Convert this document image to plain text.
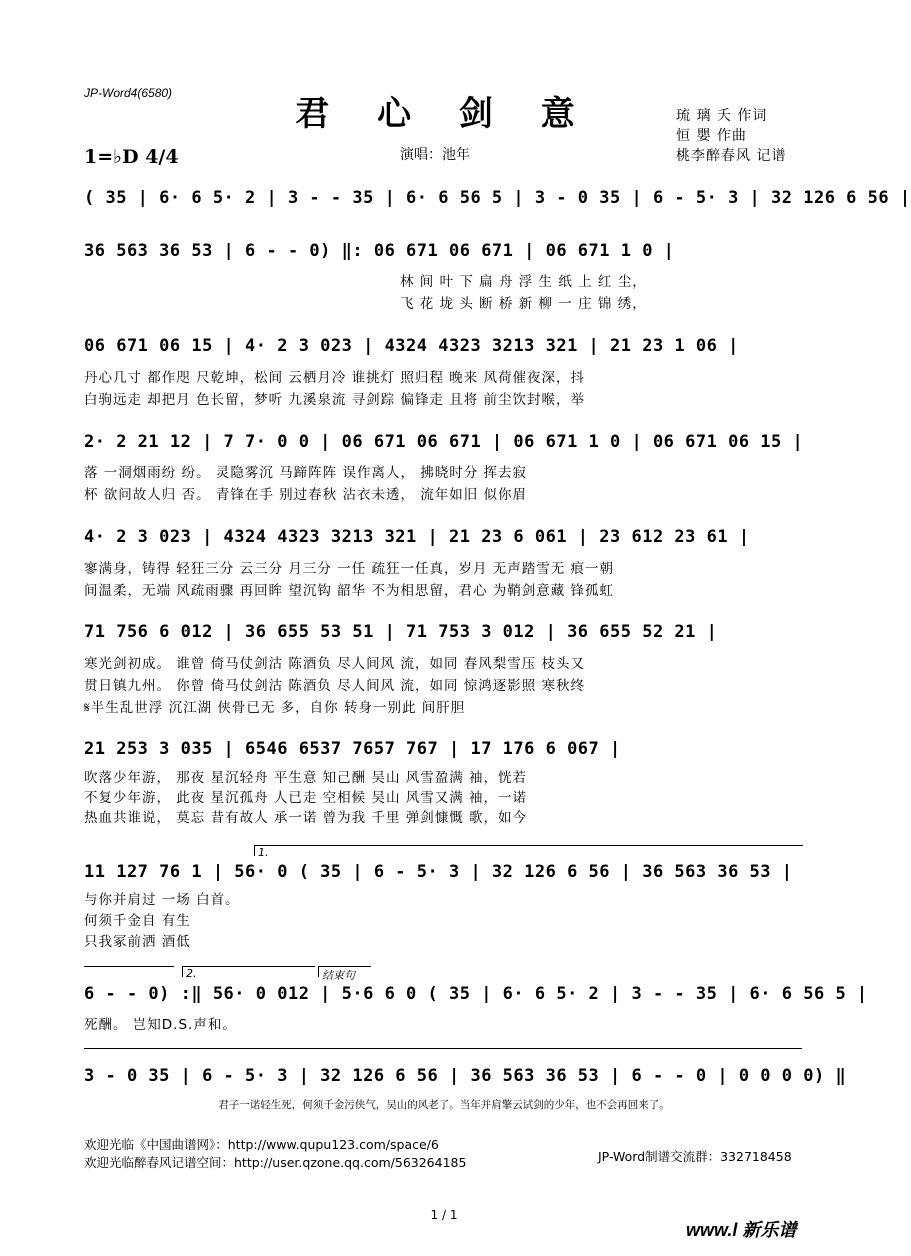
JP-Word4(6580)
君 心 剑 意
1=♭D 4/4	演唱：池年
琉 璃 夭 作词
恒 嬰 作曲
桃李醉春风 记谱
( 35 | 6· 6 5· 2 | 3 - - 35 | 6· 6 56 5 | 3 - 0 35 | 6 - 5· 3 | 32 126 6 56 |
36 563 36 53 | 6 - - 0) ‖: 06 671 06 671 | 06 671 1 0 |
林 间 叶 下 扁 舟 浮 生 纸 上 红 尘，
飞 花 垅 头 断 桥 新 柳 一 庄 锦 绣，
06 671 06 15 | 4· 2 3 023 | 4324 4323 3213 321 | 21 23 1 06 |
丹心几寸 都作咫 尺乾坤，松间 云栖月冷 谁挑灯 照归程 晚来 风荷催夜深，抖
白驹远走 却把月 色长留，梦听 九溪泉流 寻剑踪 偏锋走 且将 前尘饮封喉，举
2· 2 21 12 | 7 7· 0 0 | 06 671 06 671 | 06 671 1 0 | 06 671 06 15 |
落 一洞烟雨纷 纷。 灵隐雾沉 马蹄阵阵 误作离人， 拂晓时分 挥去寂
杯 欲问故人归 否。 青锋在手 别过春秋 沾衣未透， 流年如旧 似你眉
4· 2 3 023 | 4324 4323 3213 321 | 21 23 6 061 | 23 612 23 61 |
寥满身，铸得 轻狂三分 云三分 月三分 一任 疏狂一任真，岁月 无声踏雪无 痕一朝
间温柔，无端 风疏雨骤 再回眸 望沉钩 韶华 不为相思留，君心 为鞘剑意藏 锋孤虹
71 756 6 012 | 36 655 53 51 | 71 753 3 012 | 36 655 52 21 |
寒光剑初成。 谁曾 倚马仗剑沽 陈酒负 尽人间风 流，如同 春风梨雪压 枝头又
贯日镇九州。 你曾 倚马仗剑沽 陈酒负 尽人间风 流，如同 惊鸿逐影照 寒秋终
𝄋半生乱世浮 沉江湖 侠骨已无 多，自你 转身一别此 间肝胆
21 253 3 035 | 6546 6537 7657 767 | 17 176 6 067 |
吹落少年游， 那夜 星沉轻舟 平生意 知己酬 吴山 风雪盈满 袖，恍若
不复少年游， 此夜 星沉孤舟 人已走 空相候 吴山 风雪又满 袖，一诺
热血共谁说， 莫忘 昔有故人 承一诺 曾为我 千里 弹剑慷慨 歌，如今
1.
11 127 76 1 | 56· 0 ( 35 | 6 - 5· 3 | 32 126 6 56 | 36 563 36 53 |
与你并肩过 一场 白首。
何须千金自 有生
只我冢前洒 酒低
2.	结束句
6 - - 0) :‖ 56· 0 012 | 5·6 6 0 ( 35 | 6· 6 5· 2 | 3 - - 35 | 6· 6 56 5 |
死酬。 岂知D.S.声和。
3 - 0 35 | 6 - 5· 3 | 32 126 6 56 | 36 563 36 53 | 6 - - 0 | 0 0 0 0) ‖
君子一诺轻生死，何须千金污侠气，吴山的风老了。当年并肩擎云试剑的少年，也不会再回来了。
欢迎光临《中国曲谱网》：http://www.qupu123.com/space/6
欢迎光临醉春风记谱空间：http://user.qzone.qq.com/563264185	JP-Word制谱交流群：332718458
1 / 1
www.l 新乐谱
